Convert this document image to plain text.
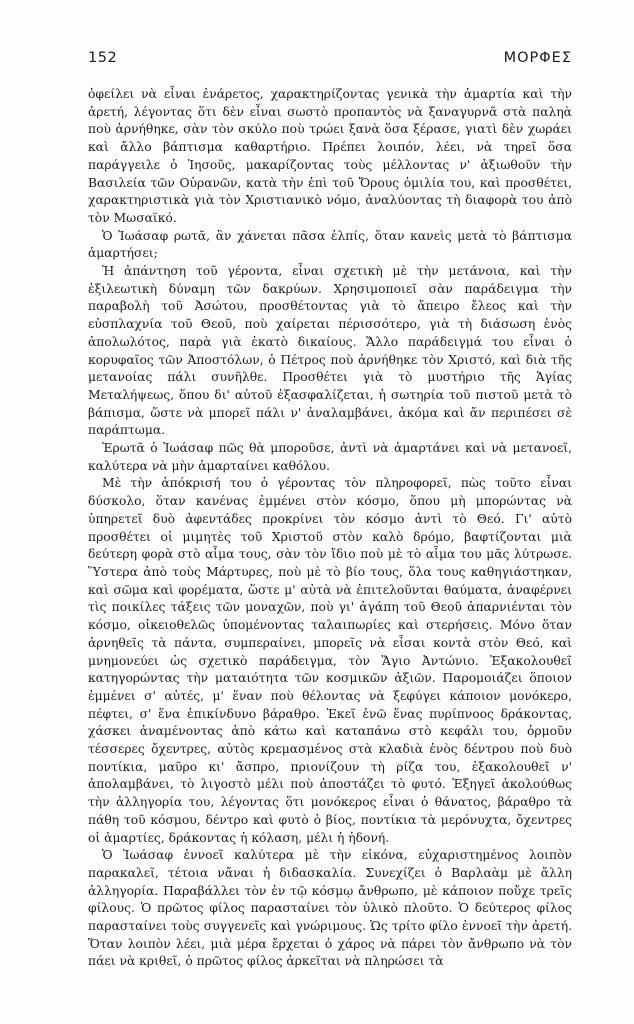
152	ΜΟΡΦΕΣ

ὀφείλει νὰ εἶναι ἐνάρετος, χαρακτηρίζοντας γενικὰ τὴν ἁμαρτία καὶ τὴν ἀρετή, λέγοντας ὅτι δὲν εἶναι σωστὸ προπαντὸς νὰ ξαναγυρνᾶ στὰ παληὰ ποὺ ἀρνήθηκε, σὰν τὸν σκύλο ποὺ τρώει ξανὰ ὅσα ξέρασε, γιατὶ δὲν χωράει καὶ ἄλλο βάπτισμα καθαρτήριο. Πρέπει λοιπόν, λέει, νὰ τηρεῖ ὅσα παράγγειλε ὁ Ἰησοῦς, μακαρίζοντας τοὺς μέλλοντας ν' ἀξιωθοῦν τὴν Βασιλεία τῶν Οὐρανῶν, κατὰ τὴν ἐπὶ τοῦ Ὄρους ὁμιλία του, καὶ προσθέτει, χαρακτηριστικὰ γιὰ τὸν Χριστιανικὸ νόμο, ἀναλύοντας τὴ διαφορὰ του ἀπὸ τὸν Μωσαϊκό.

Ὁ Ἰωάσαφ ρωτᾶ, ἂν χάνεται πᾶσα ἐλπίς, ὅταν κανεὶς μετὰ τὸ βάπτισμα ἁμαρτήσει;

Ἡ ἀπάντηση τοῦ γέροντα, εἶναι σχετικὴ μὲ τὴν μετάνοια, καὶ τὴν ἐξιλεωτικὴ δύναμη τῶν δακρύων. Χρησιμοποιεῖ σὰν παράδειγμα τὴν παραβολὴ τοῦ Ἀσώτου, προσθέτοντας γιὰ τὸ ἄπειρο ἔλεος καὶ τὴν εὐσπλαχνία τοῦ Θεοῦ, ποὺ χαίρεται πέρισσότερο, γιὰ τὴ διάσωση ἑνὸς ἀπολωλότος, παρὰ γιὰ ἑκατὸ δικαίους. Ἄλλο παράδειγμά του εἶναι ὁ κορυφαῖος τῶν Ἀποστόλων, ὁ Πέτρος ποὺ ἀρνήθηκε τὸν Χριστό, καὶ διὰ τῆς μετανοίας πάλι συνῆλθε. Προσθέτει γιὰ τὸ μυστήριο τῆς Ἁγίας Μεταλήψεως, ὅπου δι' αὐτοῦ ἐξασφαλίζεται, ἡ σωτηρία τοῦ πιστοῦ μετὰ τὸ βάπισμα, ὥστε νὰ μπορεῖ πάλι ν' ἀναλαμβάνει, ἀκόμα καὶ ἄν περιπέσει σὲ παράπτωμα.

Ἐρωτᾶ ὁ Ἰωάσαφ πῶς θὰ μποροῦσε, ἀντὶ νὰ ἁμαρτάνει καὶ νὰ μετανοεῖ, καλύτερα νὰ μὴν ἁμαρταίνει καθόλου.

Μὲ τὴν ἀπόκρισή του ὁ γέροντας τὸν πληροφορεῖ, πὼς τοῦτο εἶναι δύσκολο, ὅταν κανένας ἐμμένει στὸν κόσμο, ὅπου μὴ μπορώντας νὰ ὑπηρετεῖ δυὸ ἀφεντάδες προκρίνει τὸν κόσμο ἀντὶ τὸ Θεό. Γι' αὐτὸ προσθέτει οἱ μιμητὲς τοῦ Χριστοῦ στὸν καλὸ δρόμο, βαφτίζονται μιὰ δεύτερη φορὰ στὸ αἷμα τους, σὰν τὸν ἴδιο ποὺ μὲ τὸ αἷμα του μᾶς λύτρωσε. Ὕστερα ἀπὸ τοὺς Μάρτυρες, ποὺ μὲ τὸ βίο τους, ὅλα τους καθηγιάστηκαν, καὶ σῶμα καὶ φορέματα, ὥστε μ' αὐτὰ νὰ ἐπιτελοῦνται θαύματα, ἀναφέρνει τὶς ποικίλες τάξεις τῶν μοναχῶν, ποὺ γι' ἀγάπη τοῦ Θεοῦ ἀπαρνιένται τὸν κόσμο, οἰκειοθελῶς ὑπομένοντας ταλαιπωρίες καὶ στερήσεις. Μόνο ὅταν ἀρνηθεῖς τὰ πάντα, συμπεραίνει, μπορεῖς νὰ εἶσαι κοντὰ στὸν Θεό, καὶ μνημονεύει ὡς σχετικὸ παράδειγμα, τὸν Ἅγιο Ἀντώνιο. Ἐξακολουθεῖ κατηγορώντας τὴν ματαιότητα τῶν κοσμικῶν ἀξιῶν. Παρομοιάζει ὅποιον ἐμμένει σ' αὐτές, μ' ἕναν ποὺ θέλοντας νὰ ξεφύγει κάποιον μονόκερο, πέφτει, σ' ἕνα ἐπικίνδυνο βάραθρο. Ἐκεῖ ἐνῶ ἕνας πυρίπνοος δράκοντας, χάσκει ἀναμένοντας ἀπὸ κάτω καὶ καταπάνω στὸ κεφάλι του, ὁρμοῦν τέσσερες ὄχεντρες, αὐτὸς κρεμασμένος στὰ κλαδιὰ ἑνὸς δέντρου ποὺ δυὸ ποντίκια, μαῦρο κι' ἄσπρο, πριονίζουν τὴ ρίζα του, ἐξακολουθεῖ ν' ἀπολαμβάνει, τὸ λιγοστὸ μέλι ποὺ ἀποστάζει τὸ φυτό. Ἐξηγεῖ ἀκολούθως τὴν ἀλληγορία του, λέγοντας ὅτι μονόκερος εἶναι ὁ θάνατος, βάραθρο τὰ πάθη τοῦ κόσμου, δέντρο καὶ φυτὸ ὁ βίος, ποντίκια τὰ μερόνυχτα, ὄχεντρες οἱ ἁμαρτίες, δράκοντας ἡ κόλαση, μέλι ἡ ἡδονή.

Ὁ Ἰωάσαφ ἐννοεῖ καλύτερα μὲ τὴν εἰκόνα, εὐχαριστημένος λοιπὸν παρακαλεῖ, τέτοια νἄναι ἡ διδασκαλία. Συνεχίζει ὁ Βαρλαὰμ μὲ ἄλλη ἀλληγορία. Παραβάλλει τὸν ἐν τῷ κόσμῳ ἄνθρωπο, μὲ κάποιον ποὔχε τρεῖς φίλους. Ὁ πρῶτος φίλος παρασταίνει τὸν ὑλικὸ πλοῦτο. Ὁ δεύτερος φίλος παρασταίνει τοὺς συγγενεῖς καὶ γνώριμους. Ὡς τρίτο φίλο ἐννοεῖ τὴν ἀρετή. Ὅταν λοιπὸν λέει, μιὰ μέρα ἔρχεται ὁ χάρος νὰ πάρει τὸν ἄνθρωπο νὰ τὸν πάει νὰ κριθεῖ, ὁ πρῶτος φίλος ἀρκεῖται νὰ πληρώσει τὰ
